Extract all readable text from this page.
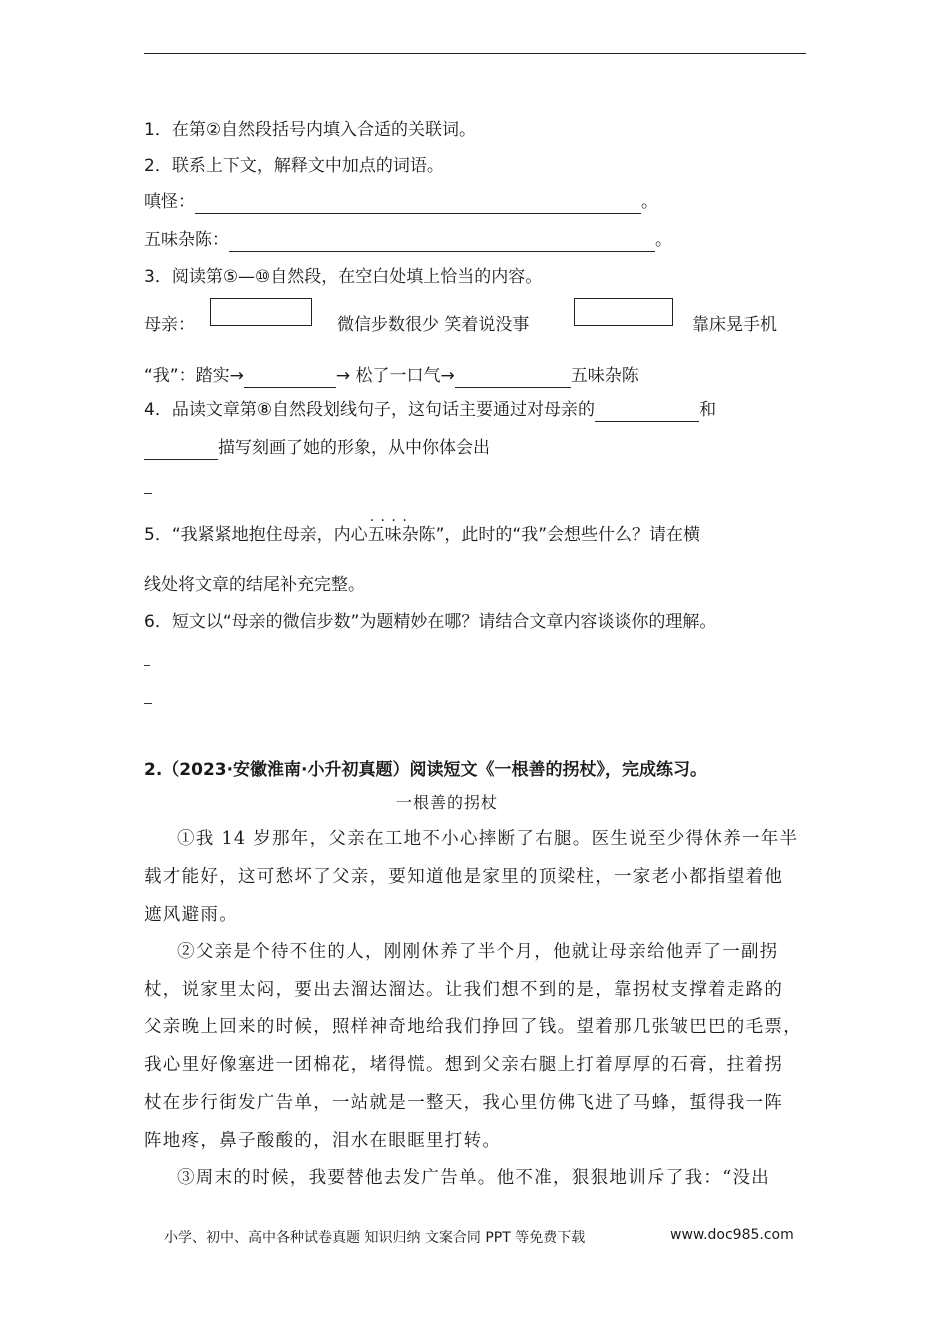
1．在第②自然段括号内填入合适的关联词。
2．联系上下文，解释文中加点的词语。
嗔怪：	。
五味杂陈：	。
3．阅读第⑤—⑩自然段，在空白处填上恰当的内容。
母亲：	微信步数很少 笑着说没事	靠床晃手机
“我”：踏实→	→ 松了一口气→	五味杂陈
4．品读文章第⑧自然段划线句子，这句话主要通过对母亲的	和
描写刻画了她的形象，从中你体会出
5．“我紧紧地抱住母亲，内心· · · · 五味杂陈”，此时的“我”会想些什么？请在横
线处将文章的结尾补充完整。
6．短文以“母亲的微信步数”为题精妙在哪？请结合文章内容谈谈你的理解。
2.（2023·安徽淮南·小升初真题）阅读短文《一根善的拐杖》，完成练习。
一根善的拐杖
①我 14 岁那年，父亲在工地不小心摔断了右腿。医生说至少得休养一年半
载才能好，这可愁坏了父亲，要知道他是家里的顶梁柱，一家老小都指望着他
遮风避雨。
②父亲是个待不住的人，刚刚休养了半个月，他就让母亲给他弄了一副拐
杖，说家里太闷，要出去溜达溜达。让我们想不到的是，靠拐杖支撑着走路的
父亲晚上回来的时候，照样神奇地给我们挣回了钱。望着那几张皱巴巴的毛票，
我心里好像塞进一团棉花，堵得慌。想到父亲右腿上打着厚厚的石膏，拄着拐
杖在步行街发广告单，一站就是一整天，我心里仿佛飞进了马蜂，蜇得我一阵
阵地疼，鼻子酸酸的，泪水在眼眶里打转。
③周末的时候，我要替他去发广告单。他不准，狠狠地训斥了我：“没出
小学、初中、高中各种试卷真题 知识归纳 文案合同 PPT 等免费下载	www.doc985.com
